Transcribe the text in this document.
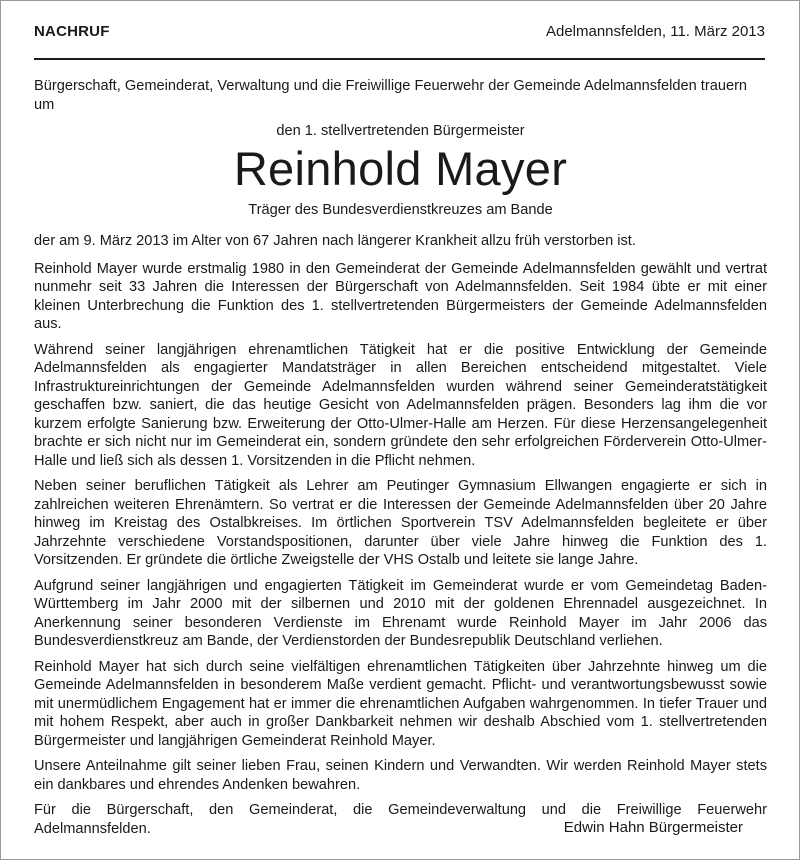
NACHRUF	Adelmannsfelden, 11. März 2013

Bürgerschaft, Gemeinderat, Verwaltung und die Freiwillige Feuerwehr der Gemeinde Adelmannsfelden trauern um

den 1. stellvertretenden Bürgermeister

Reinhold Mayer

Träger des Bundesverdienstkreuzes am Bande

der am 9. März 2013 im Alter von 67 Jahren nach längerer Krankheit allzu früh verstorben ist.

Reinhold Mayer wurde erstmalig 1980 in den Gemeinderat der Gemeinde Adelmannsfelden gewählt und vertrat nunmehr seit 33 Jahren die Interessen der Bürgerschaft von Adelmannsfelden. Seit 1984 übte er mit einer kleinen Unterbrechung die Funktion des 1. stellvertretenden Bürgermeisters der Gemeinde Adelmannsfelden aus.

Während seiner langjährigen ehrenamtlichen Tätigkeit hat er die positive Entwicklung der Gemeinde Adelmannsfelden als engagierter Mandatsträger in allen Bereichen entscheidend mitgestaltet. Viele Infrastruktureinrichtungen der Gemeinde Adelmannsfelden wurden während seiner Gemeinderatstätigkeit geschaffen bzw. saniert, die das heutige Gesicht von Adelmannsfelden prägen. Besonders lag ihm die vor kurzem erfolgte Sanierung bzw. Erweiterung der Otto-Ulmer-Halle am Herzen. Für diese Herzensangelegenheit brachte er sich nicht nur im Gemeinderat ein, sondern gründete den sehr erfolgreichen Förderverein Otto-Ulmer-Halle und ließ sich als dessen 1. Vorsitzenden in die Pflicht nehmen.

Neben seiner beruflichen Tätigkeit als Lehrer am Peutinger Gymnasium Ellwangen engagierte er sich in zahlreichen weiteren Ehrenämtern. So vertrat er die Interessen der Gemeinde Adelmannsfelden über 20 Jahre hinweg im Kreistag des Ostalbkreises. Im örtlichen Sportverein TSV Adelmannsfelden begleitete er über Jahrzehnte verschiedene Vorstandspositionen, darunter über viele Jahre hinweg die Funktion des 1. Vorsitzenden. Er gründete die örtliche Zweigstelle der VHS Ostalb und leitete sie lange Jahre.

Aufgrund seiner langjährigen und engagierten Tätigkeit im Gemeinderat wurde er vom Gemeindetag Baden-Württemberg im Jahr 2000 mit der silbernen und 2010 mit der goldenen Ehrennadel ausgezeichnet. In Anerkennung seiner besonderen Verdienste im Ehrenamt wurde Reinhold Mayer im Jahr 2006 das Bundesverdienstkreuz am Bande, der Verdienstorden der Bundesrepublik Deutschland verliehen.

Reinhold Mayer hat sich durch seine vielfältigen ehrenamtlichen Tätigkeiten über Jahrzehnte hinweg um die Gemeinde Adelmannsfelden in besonderem Maße verdient gemacht. Pflicht- und verantwortungsbewusst sowie mit unermüdlichem Engagement hat er immer die ehrenamtlichen Aufgaben wahrgenommen. In tiefer Trauer und mit hohem Respekt, aber auch in großer Dankbarkeit nehmen wir deshalb Abschied vom 1. stellvertretenden Bürgermeister und langjährigen Gemeinderat Reinhold Mayer.

Unsere Anteilnahme gilt seiner lieben Frau, seinen Kindern und Verwandten. Wir werden Reinhold Mayer stets ein dankbares und ehrendes Andenken bewahren.

Für die Bürgerschaft, den Gemeinderat, die Gemeindeverwaltung und die Freiwillige Feuerwehr Adelmannsfelden.	Edwin Hahn Bürgermeister
